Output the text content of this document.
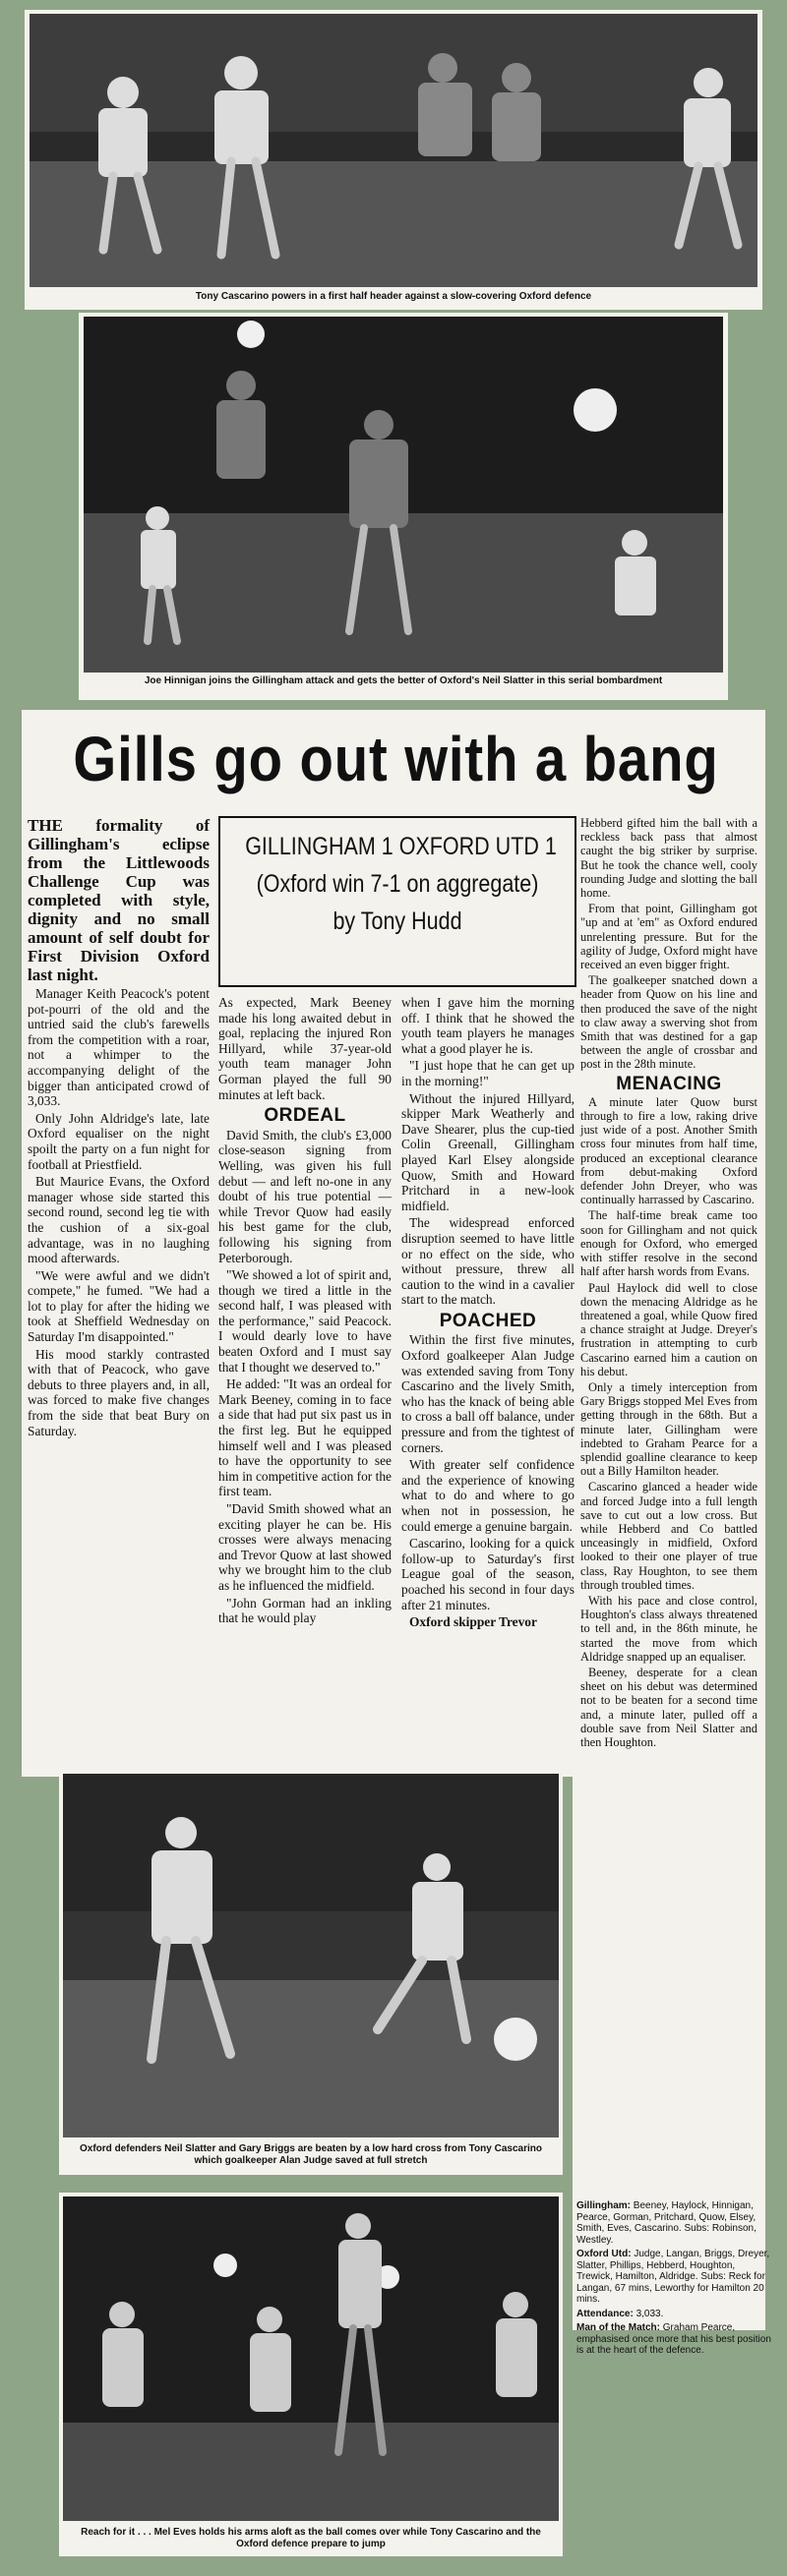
Tony Cascarino powers in a first half header against a slow-covering Oxford defence
Joe Hinnigan joins the Gillingham attack and gets the better of Oxford's Neil Slatter in this serial bombardment
Gills go out with a bang
GILLINGHAM 1 OXFORD UTD 1
(Oxford win 7-1 on aggregate)
by Tony Hudd

THE formality of Gillingham's eclipse from the Littlewoods Challenge Cup was completed with style, dignity and no small amount of self doubt for First Division Oxford last night.

Manager Keith Peacock's potent pot-pourri of the old and the untried said the club's farewells from the competition with a roar, not a whimper to the accompanying delight of the bigger than anticipated crowd of 3,033.

Only John Aldridge's late, late Oxford equaliser on the night spoilt the party on a fun night for football at Priestfield.

But Maurice Evans, the Oxford manager whose side started this second round, second leg tie with the cushion of a six-goal advantage, was in no laughing mood afterwards.

"We were awful and we didn't compete," he fumed. "We had a lot to play for after the hiding we took at Sheffield Wednesday on Saturday I'm disappointed."

His mood starkly contrasted with that of Peacock, who gave debuts to three players and, in all, was forced to make five changes from the side that beat Bury on Saturday.

As expected, Mark Beeney made his long awaited debut in goal, replacing the injured Ron Hillyard, while 37-year-old youth team manager John Gorman played the full 90 minutes at left back.

ORDEAL

David Smith, the club's £3,000 close-season signing from Welling, was given his full debut — and left no-one in any doubt of his true potential — while Trevor Quow had easily his best game for the club, following his signing from Peterborough.

"We showed a lot of spirit and, though we tired a little in the second half, I was pleased with the performance," said Peacock. I would dearly love to have beaten Oxford and I must say that I thought we deserved to."

He added: "It was an ordeal for Mark Beeney, coming in to face a side that had put six past us in the first leg. But he equipped himself well and I was pleased to have the opportunity to see him in competitive action for the first team.

"David Smith showed what an exciting player he can be. His crosses were always menacing and Trevor Quow at last showed why we brought him to the club as he influenced the midfield.

"John Gorman had an inkling that he would play

when I gave him the morning off. I think that he showed the youth team players he manages what a good player he is.

"I just hope that he can get up in the morning!"

Without the injured Hillyard, skipper Mark Weatherly and Dave Shearer, plus the cup-tied Colin Greenall, Gillingham played Karl Elsey alongside Quow, Smith and Howard Pritchard in a new-look midfield.

The widespread enforced disruption seemed to have little or no effect on the side, who without pressure, threw all caution to the wind in a cavalier start to the match.

POACHED

Within the first five minutes, Oxford goalkeeper Alan Judge was extended saving from Tony Cascarino and the lively Smith, who has the knack of being able to cross a ball off balance, under pressure and from the tightest of corners.

With greater self confidence and the experience of knowing what to do and where to go when not in possession, he could emerge a genuine bargain.

Cascarino, looking for a quick follow-up to Saturday's first League goal of the season, poached his second in four days after 21 minutes.

Oxford skipper Trevor

Hebberd gifted him the ball with a reckless back pass that almost caught the big striker by surprise. But he took the chance well, cooly rounding Judge and slotting the ball home.

From that point, Gillingham got "up and at 'em" as Oxford endured unrelenting pressure. But for the agility of Judge, Oxford might have received an even bigger fright.

The goalkeeper snatched down a header from Quow on his line and then produced the save of the night to claw away a swerving shot from Smith that was destined for a gap between the angle of crossbar and post in the 28th minute.

MENACING

A minute later Quow burst through to fire a low, raking drive just wide of a post. Another Smith cross four minutes from half time, produced an exceptional clearance from debut-making Oxford defender John Dreyer, who was continually harrassed by Cascarino.

The half-time break came too soon for Gillingham and not quick enough for Oxford, who emerged with stiffer resolve in the second half after harsh words from Evans.

Paul Haylock did well to close down the menacing Aldridge as he threatened a goal, while Quow fired a chance straight at Judge. Dreyer's frustration in attempting to curb Cascarino earned him a caution on his debut.

Only a timely interception from Gary Briggs stopped Mel Eves from getting through in the 68th. But a minute later, Gillingham were indebted to Graham Pearce for a splendid goalline clearance to keep out a Billy Hamilton header.

Cascarino glanced a header wide and forced Judge into a full length save to cut out a low cross. But while Hebberd and Co battled unceasingly in midfield, Oxford looked to their one player of true class, Ray Houghton, to see them through troubled times.

With his pace and close control, Houghton's class always threatened to tell and, in the 86th minute, he started the move from which Aldridge snapped up an equaliser.

Beeney, desperate for a clean sheet on his debut was determined not to be beaten for a second time and, a minute later, pulled off a double save from Neil Slatter and then Houghton.

Gillingham: Beeney, Haylock, Hinnigan, Pearce, Gorman, Pritchard, Quow, Elsey, Smith, Eves, Cascarino. Subs: Robinson, Westley.

Oxford Utd: Judge, Langan, Briggs, Dreyer, Slatter, Phillips, Hebberd, Houghton, Trewick, Hamilton, Aldridge. Subs: Reck for Langan, 67 mins, Leworthy for Hamilton 20 mins.

Attendance: 3,033.

Man of the Match: Graham Pearce, emphasised once more that his best position is at the heart of the defence.

Oxford defenders Neil Slatter and Gary Briggs are beaten by a low hard cross from Tony Cascarino which goalkeeper Alan Judge saved at full stretch
Reach for it . . . Mel Eves holds his arms aloft as the ball comes over while Tony Cascarino and the Oxford defence prepare to jump
